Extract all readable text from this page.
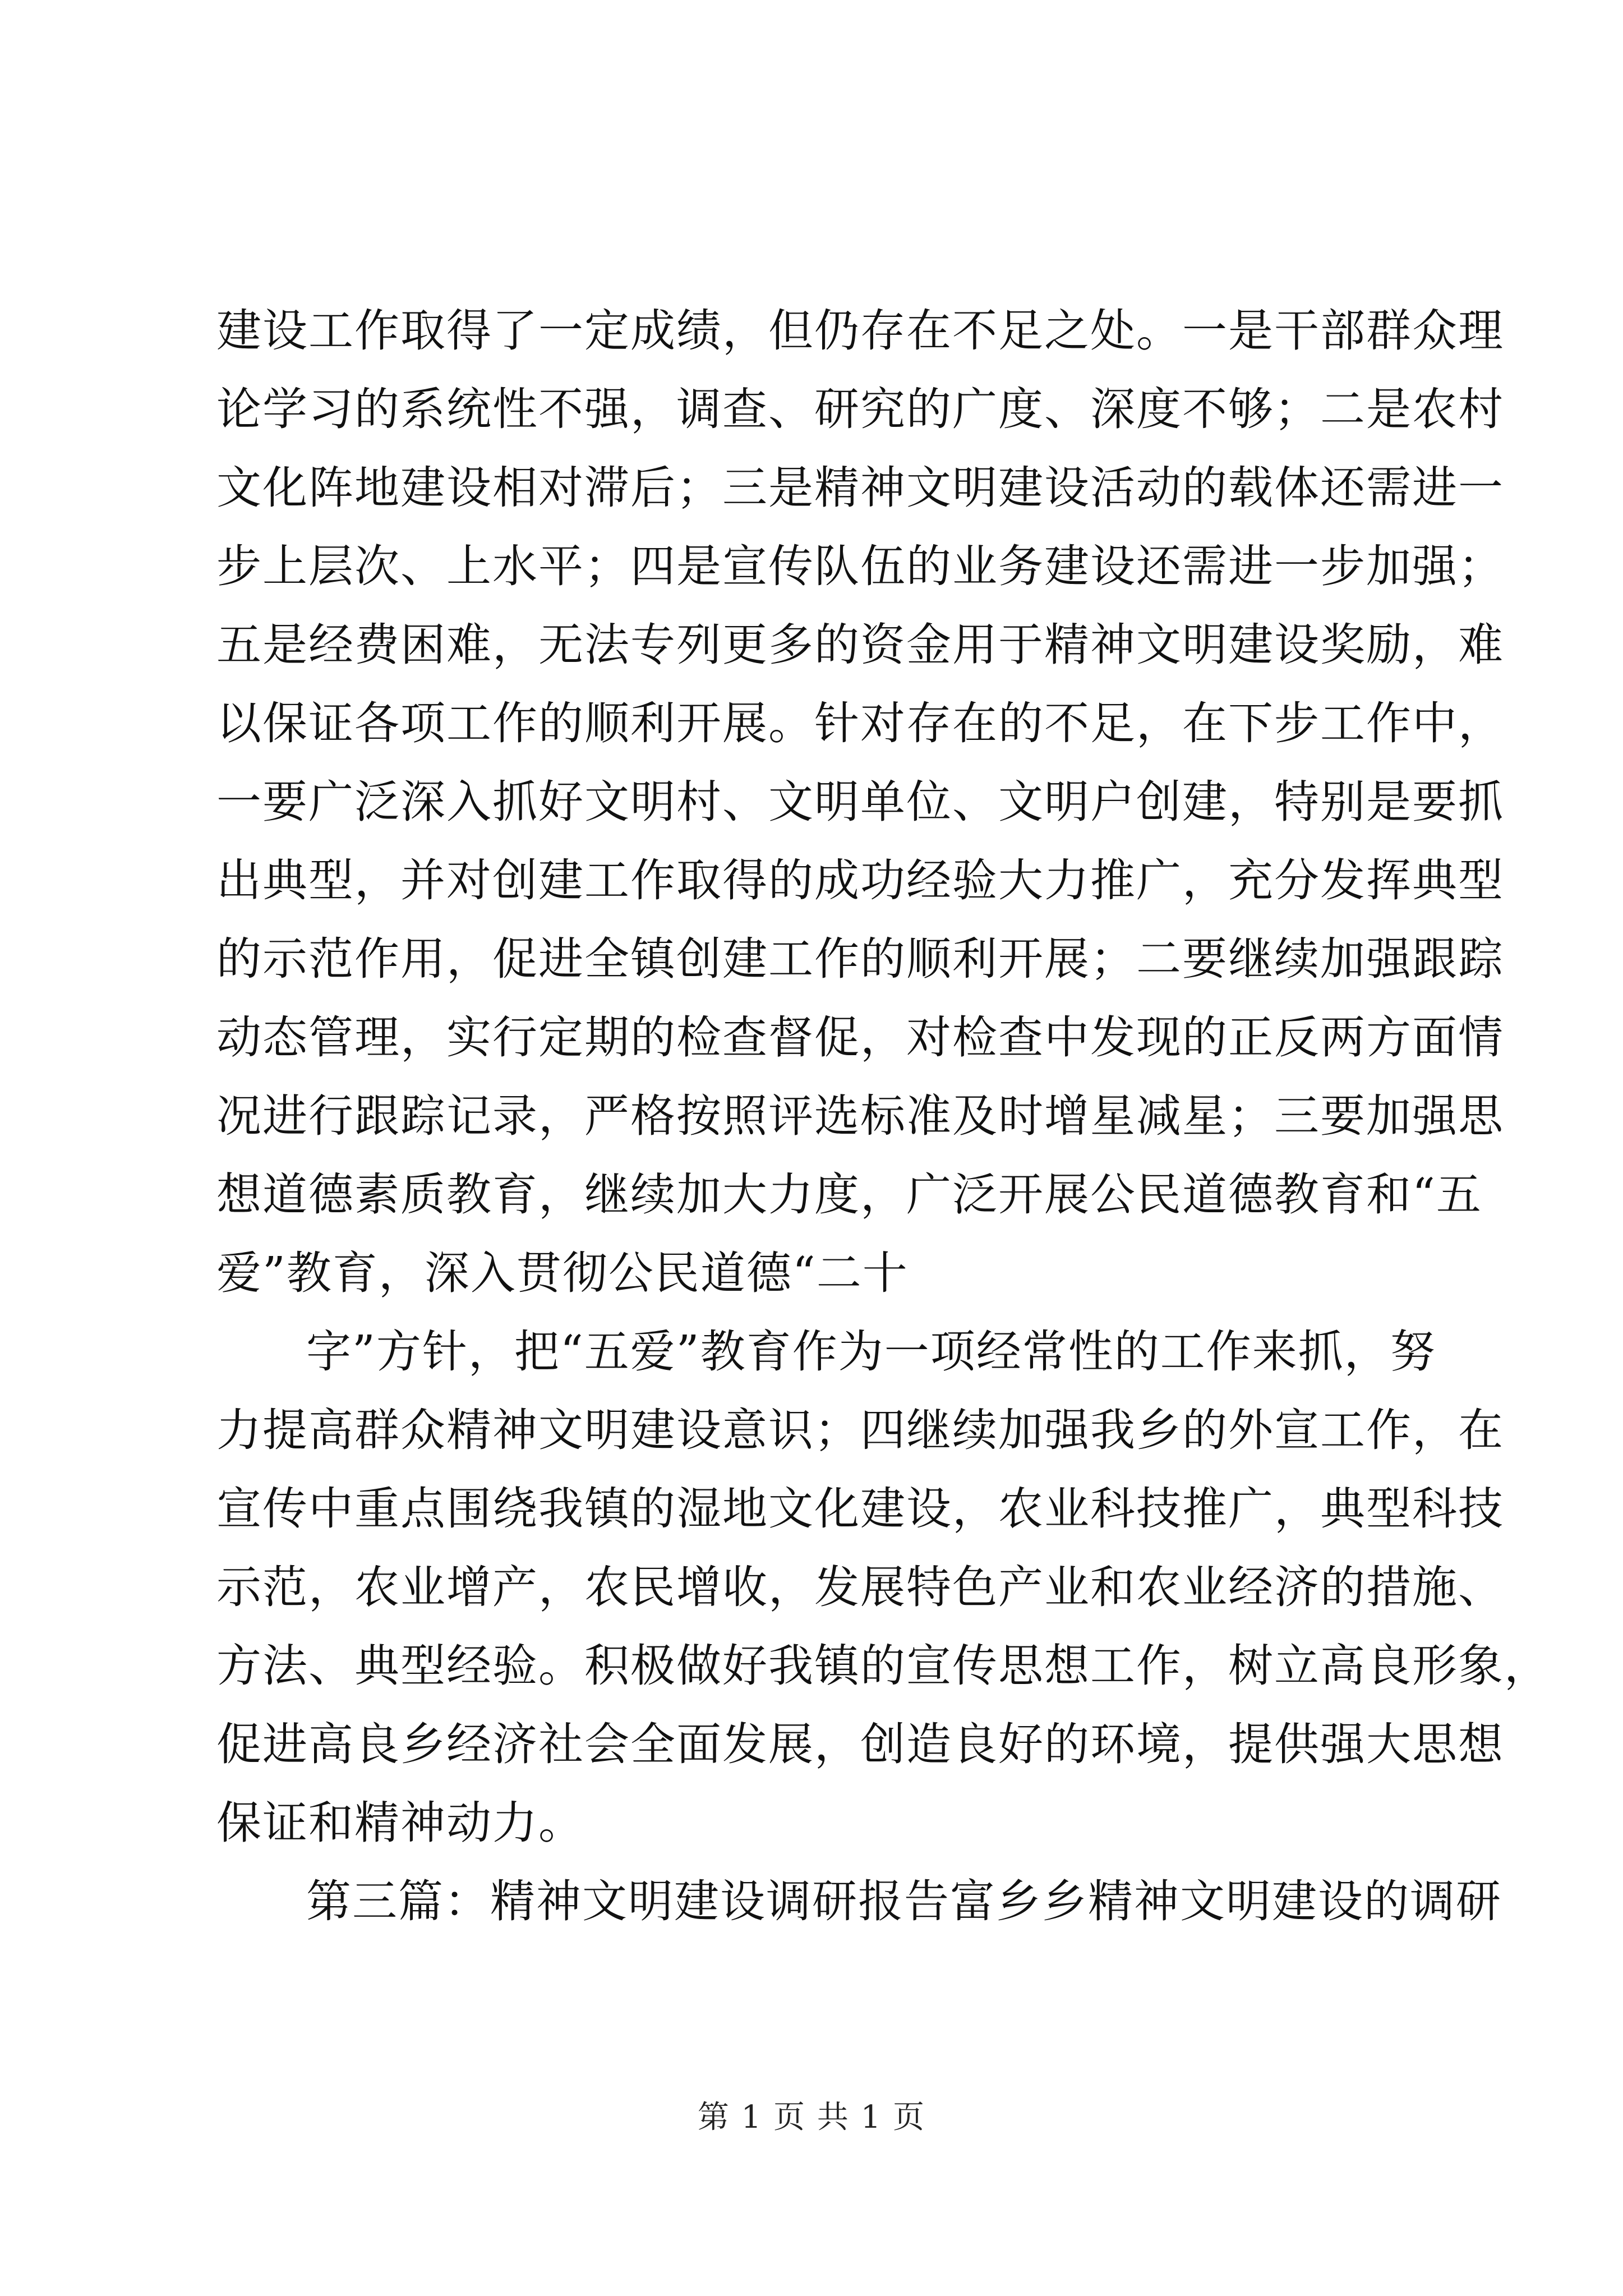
建设工作取得了一定成绩，但仍存在不足之处。一是干部群众理
论学习的系统性不强，调查、研究的广度、深度不够；二是农村
文化阵地建设相对滞后；三是精神文明建设活动的载体还需进一
步上层次、上水平；四是宣传队伍的业务建设还需进一步加强；
五是经费困难，无法专列更多的资金用于精神文明建设奖励，难
以保证各项工作的顺利开展。针对存在的不足，在下步工作中，
一要广泛深入抓好文明村、文明单位、文明户创建，特别是要抓
出典型，并对创建工作取得的成功经验大力推广，充分发挥典型
的示范作用，促进全镇创建工作的顺利开展；二要继续加强跟踪
动态管理，实行定期的检查督促，对检查中发现的正反两方面情
况进行跟踪记录，严格按照评选标准及时增星减星；三要加强思
想道德素质教育，继续加大力度，广泛开展公民道德教育和“五
爱”教育，深入贯彻公民道德“二十
字”方针，把“五爱”教育作为一项经常性的工作来抓，努
力提高群众精神文明建设意识；四继续加强我乡的外宣工作，在
宣传中重点围绕我镇的湿地文化建设，农业科技推广，典型科技
示范，农业增产，农民增收，发展特色产业和农业经济的措施、
方法、典型经验。积极做好我镇的宣传思想工作，树立高良形象，
促进高良乡经济社会全面发展，创造良好的环境，提供强大思想
保证和精神动力。
第三篇：精神文明建设调研报告富乡乡精神文明建设的调研
第 1 页 共 1 页
